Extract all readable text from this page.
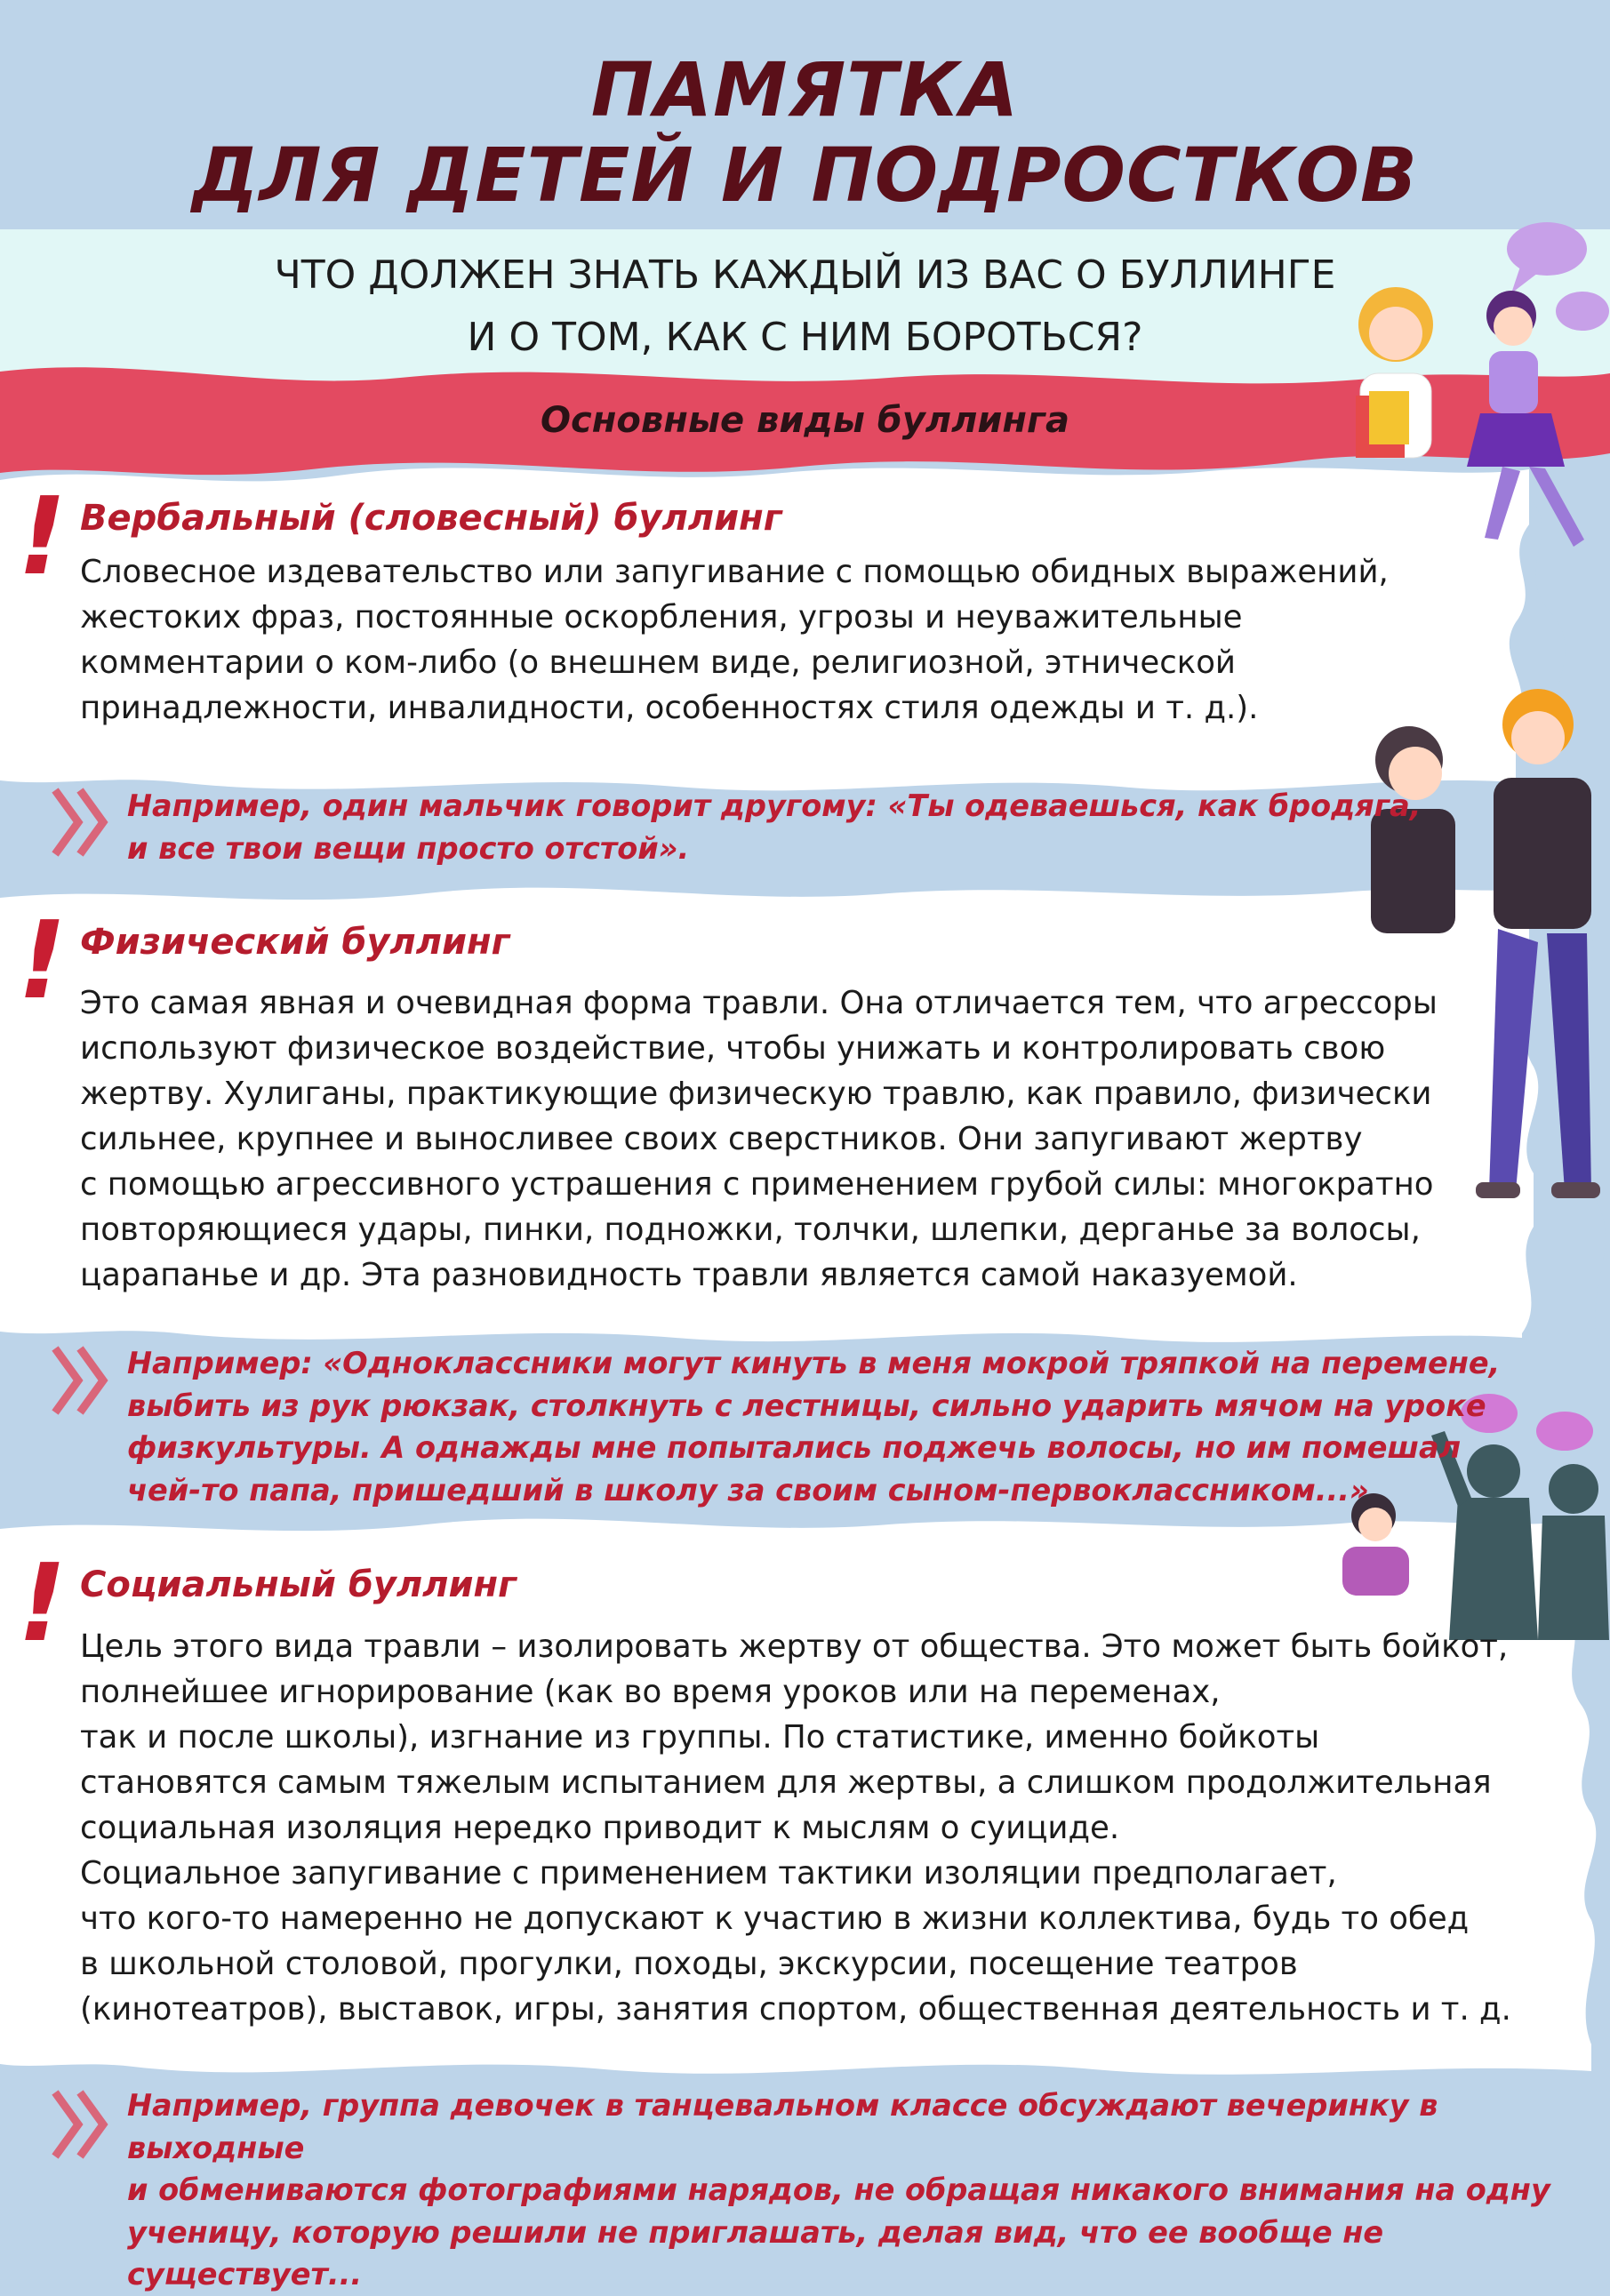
ПАМЯТКА
ДЛЯ ДЕТЕЙ И ПОДРОСТКОВ
ЧТО ДОЛЖЕН ЗНАТЬ КАЖДЫЙ ИЗ ВАС О БУЛЛИНГЕ
И О ТОМ, КАК С НИМ БОРОТЬСЯ?
Основные виды буллинга
! Вербальный (словесный) буллинг
Словесное издевательство или запугивание с помощью обидных выражений,
жестоких фраз, постоянные оскорбления, угрозы и неуважительные
комментарии о ком-либо (о внешнем виде, религиозной, этнической
принадлежности, инвалидности, особенностях стиля одежды и т. д.).
Например, один мальчик говорит другому: «Ты одеваешься, как бродяга,
и все твои вещи просто отстой».
! Физический буллинг
Это самая явная и очевидная форма травли. Она отличается тем, что агрессоры
используют физическое воздействие, чтобы унижать и контролировать свою
жертву. Хулиганы, практикующие физическую травлю, как правило, физически
сильнее, крупнее и выносливее своих сверстников. Они запугивают жертву
с помощью агрессивного устрашения с применением грубой силы: многократно
повторяющиеся удары, пинки, подножки, толчки, шлепки, дерганье за волосы,
царапанье и др. Эта разновидность травли является самой наказуемой.
Например: «Одноклассники могут кинуть в меня мокрой тряпкой на перемене,
выбить из рук рюкзак, столкнуть с лестницы, сильно ударить мячом на уроке
физкультуры. А однажды мне попытались поджечь волосы, но им помешал
чей-то папа, пришедший в школу за своим сыном-первоклассником...»
! Социальный буллинг
Цель этого вида травли – изолировать жертву от общества. Это может быть бойкот,
полнейшее игнорирование (как во время уроков или на переменах,
так и после школы), изгнание из группы. По статистике, именно бойкоты
становятся самым тяжелым испытанием для жертвы, а слишком продолжительная
социальная изоляция нередко приводит к мыслям о суициде.
Социальное запугивание с применением тактики изоляции предполагает,
что кого-то намеренно не допускают к участию в жизни коллектива, будь то обед
в школьной столовой, прогулки, походы, экскурсии, посещение театров
(кинотеатров), выставок, игры, занятия спортом, общественная деятельность и т. д.
Например, группа девочек в танцевальном классе обсуждают вечеринку в выходные
и обмениваются фотографиями нарядов, не обращая никакого внимания на одну
ученицу, которую решили не приглашать, делая вид, что ее вообще не существует...
